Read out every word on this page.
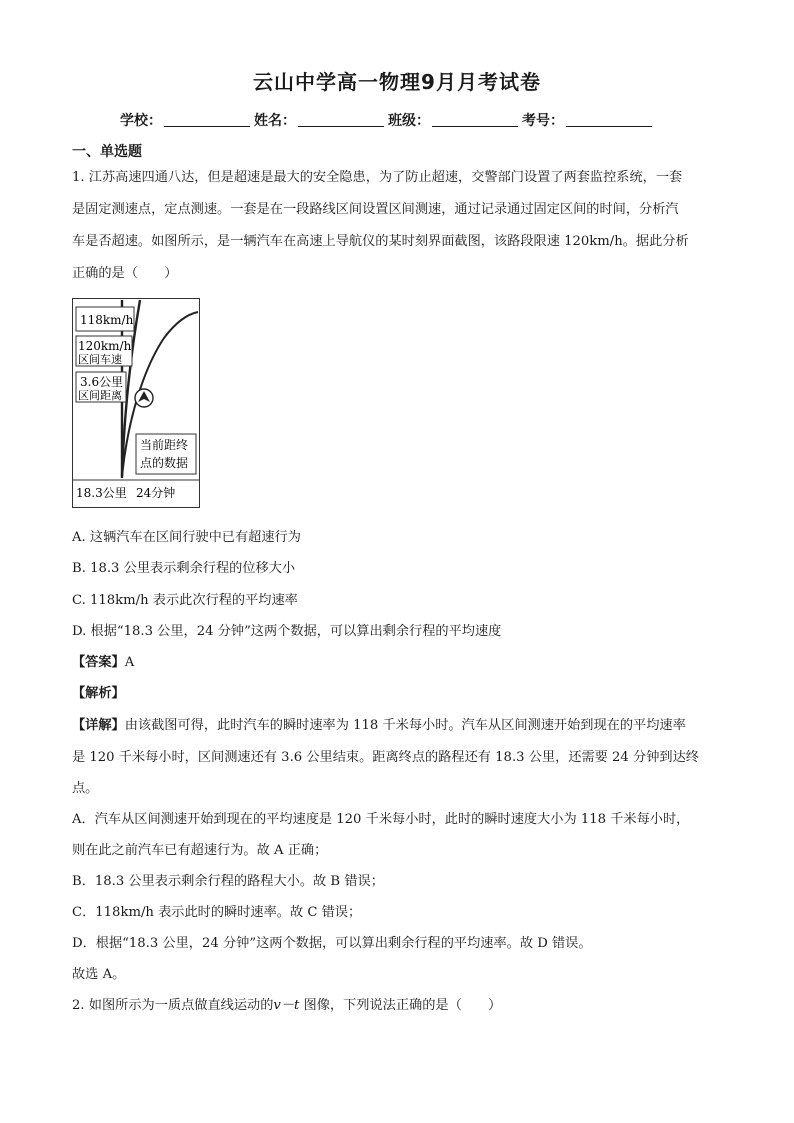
云山中学高一物理9月月考试卷
学校：	姓名：	班级：	考号：
一、单选题
1. 江苏高速四通八达，但是超速是最大的安全隐患，为了防止超速，交警部门设置了两套监控系统，一套
是固定测速点，定点测速。一套是在一段路线区间设置区间测速，通过记录通过固定区间的时间，分析汽
车是否超速。如图所示，是一辆汽车在高速上导航仪的某时刻界面截图，该路段限速 120km/h。据此分析
正确的是（　　）
118km/h
120km/h
区间车速
3.6公里
区间距离
当前距终
点的数据
18.3公里 24分钟
A. 这辆汽车在区间行驶中已有超速行为
B. 18.3 公里表示剩余行程的位移大小
C. 118km/h 表示此次行程的平均速率
D. 根据“18.3 公里，24 分钟”这两个数据，可以算出剩余行程的平均速度
【答案】A
【解析】
【详解】由该截图可得，此时汽车的瞬时速率为 118 千米每小时。汽车从区间测速开始到现在的平均速率
是 120 千米每小时，区间测速还有 3.6 公里结束。距离终点的路程还有 18.3 公里，还需要 24 分钟到达终
点。
A．汽车从区间测速开始到现在的平均速度是 120 千米每小时，此时的瞬时速度大小为 118 千米每小时，
则在此之前汽车已有超速行为。故 A 正确；
B．18.3 公里表示剩余行程的路程大小。故 B 错误；
C．118km/h 表示此时的瞬时速率。故 C 错误；
D．根据“18.3 公里，24 分钟”这两个数据，可以算出剩余行程的平均速率。故 D 错误。
故选 A。
2. 如图所示为一质点做直线运动的v－t 图像，下列说法正确的是（　　）
